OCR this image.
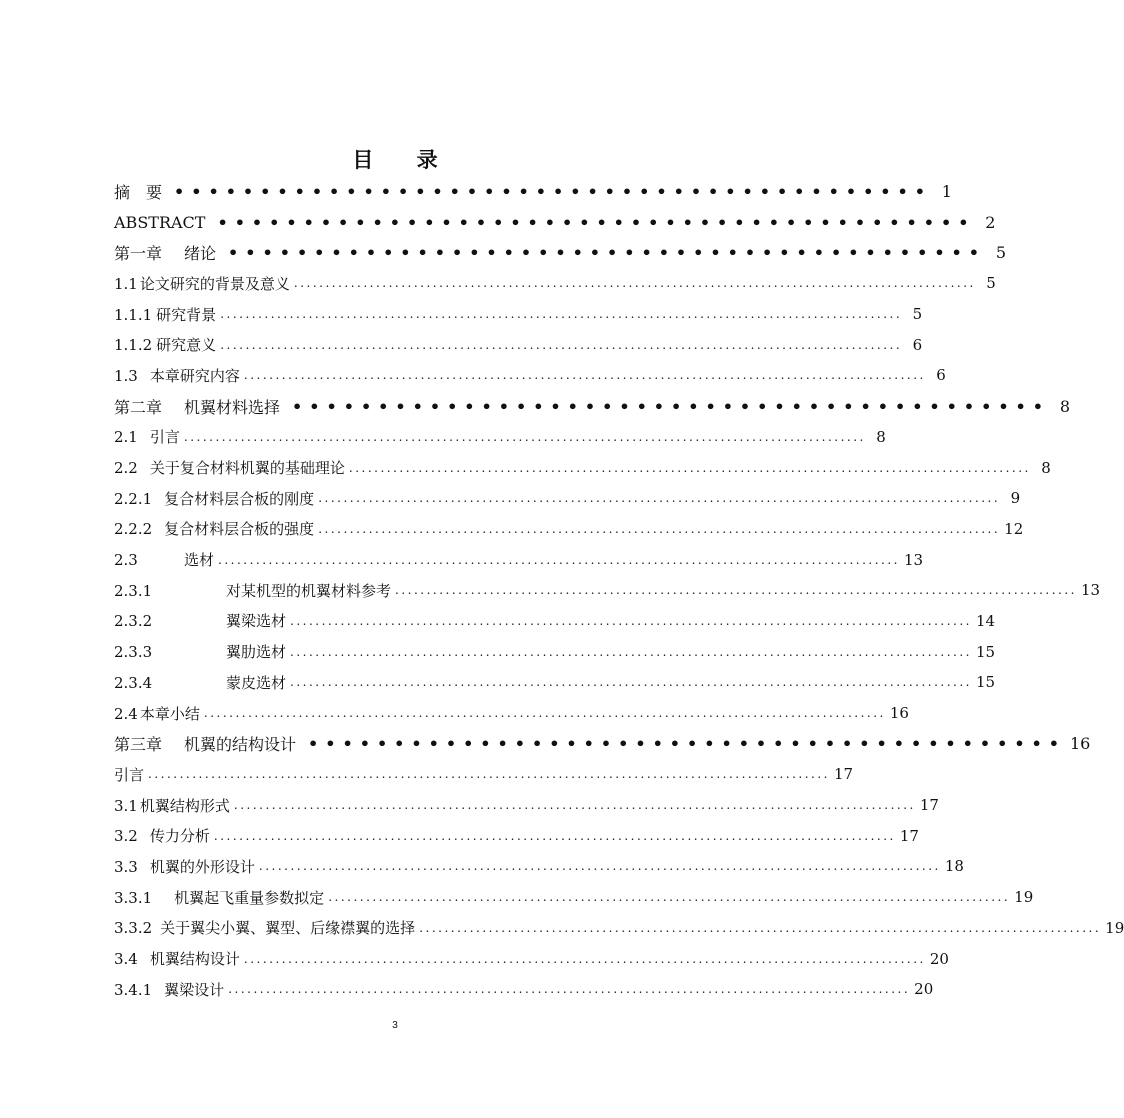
目 录
摘　要 •••••••••••••••••••••••••••••••••••••••••••• 1
ABSTRACT •••••••••••••••••••••••••••••••••••••••••••• 2
第一章 绪论 •••••••••••••••••••••••••••••••••••••••••••• 5
1.1 论文研究的背景及意义 ............................................................................................................ 5
1.1.1 研究背景 ............................................................................................................ 5
1.1.2 研究意义 ............................................................................................................ 6
1.3 本章研究内容 ............................................................................................................ 6
第二章 机翼材料选择 •••••••••••••••••••••••••••••••••••••••••••• 8
2.1 引言 ............................................................................................................ 8
2.2 关于复合材料机翼的基础理论 ............................................................................................................ 8
2.2.1 复合材料层合板的刚度 ............................................................................................................ 9
2.2.2 复合材料层合板的强度 ............................................................................................................ 12
2.3	选材 ............................................................................................................ 13
2.3.1	对某机型的机翼材料参考 ............................................................................................................ 13
2.3.2	翼梁选材 ............................................................................................................ 14
2.3.3	翼肋选材 ............................................................................................................ 15
2.3.4	蒙皮选材 ............................................................................................................ 15
2.4 本章小结 ............................................................................................................ 16
第三章 机翼的结构设计 •••••••••••••••••••••••••••••••••••••••••••• 16
引言 ............................................................................................................ 17
3.1 机翼结构形式 ............................................................................................................ 17
3.2 传力分析 ............................................................................................................ 17
3.3 机翼的外形设计 ............................................................................................................ 18
3.3.1 机翼起飞重量参数拟定 ............................................................................................................ 19
3.3.2 关于翼尖小翼、翼型、后缘襟翼的选择 ............................................................................................................ 19
3.4 机翼结构设计 ............................................................................................................ 20
3.4.1 翼梁设计 ............................................................................................................ 20
3
